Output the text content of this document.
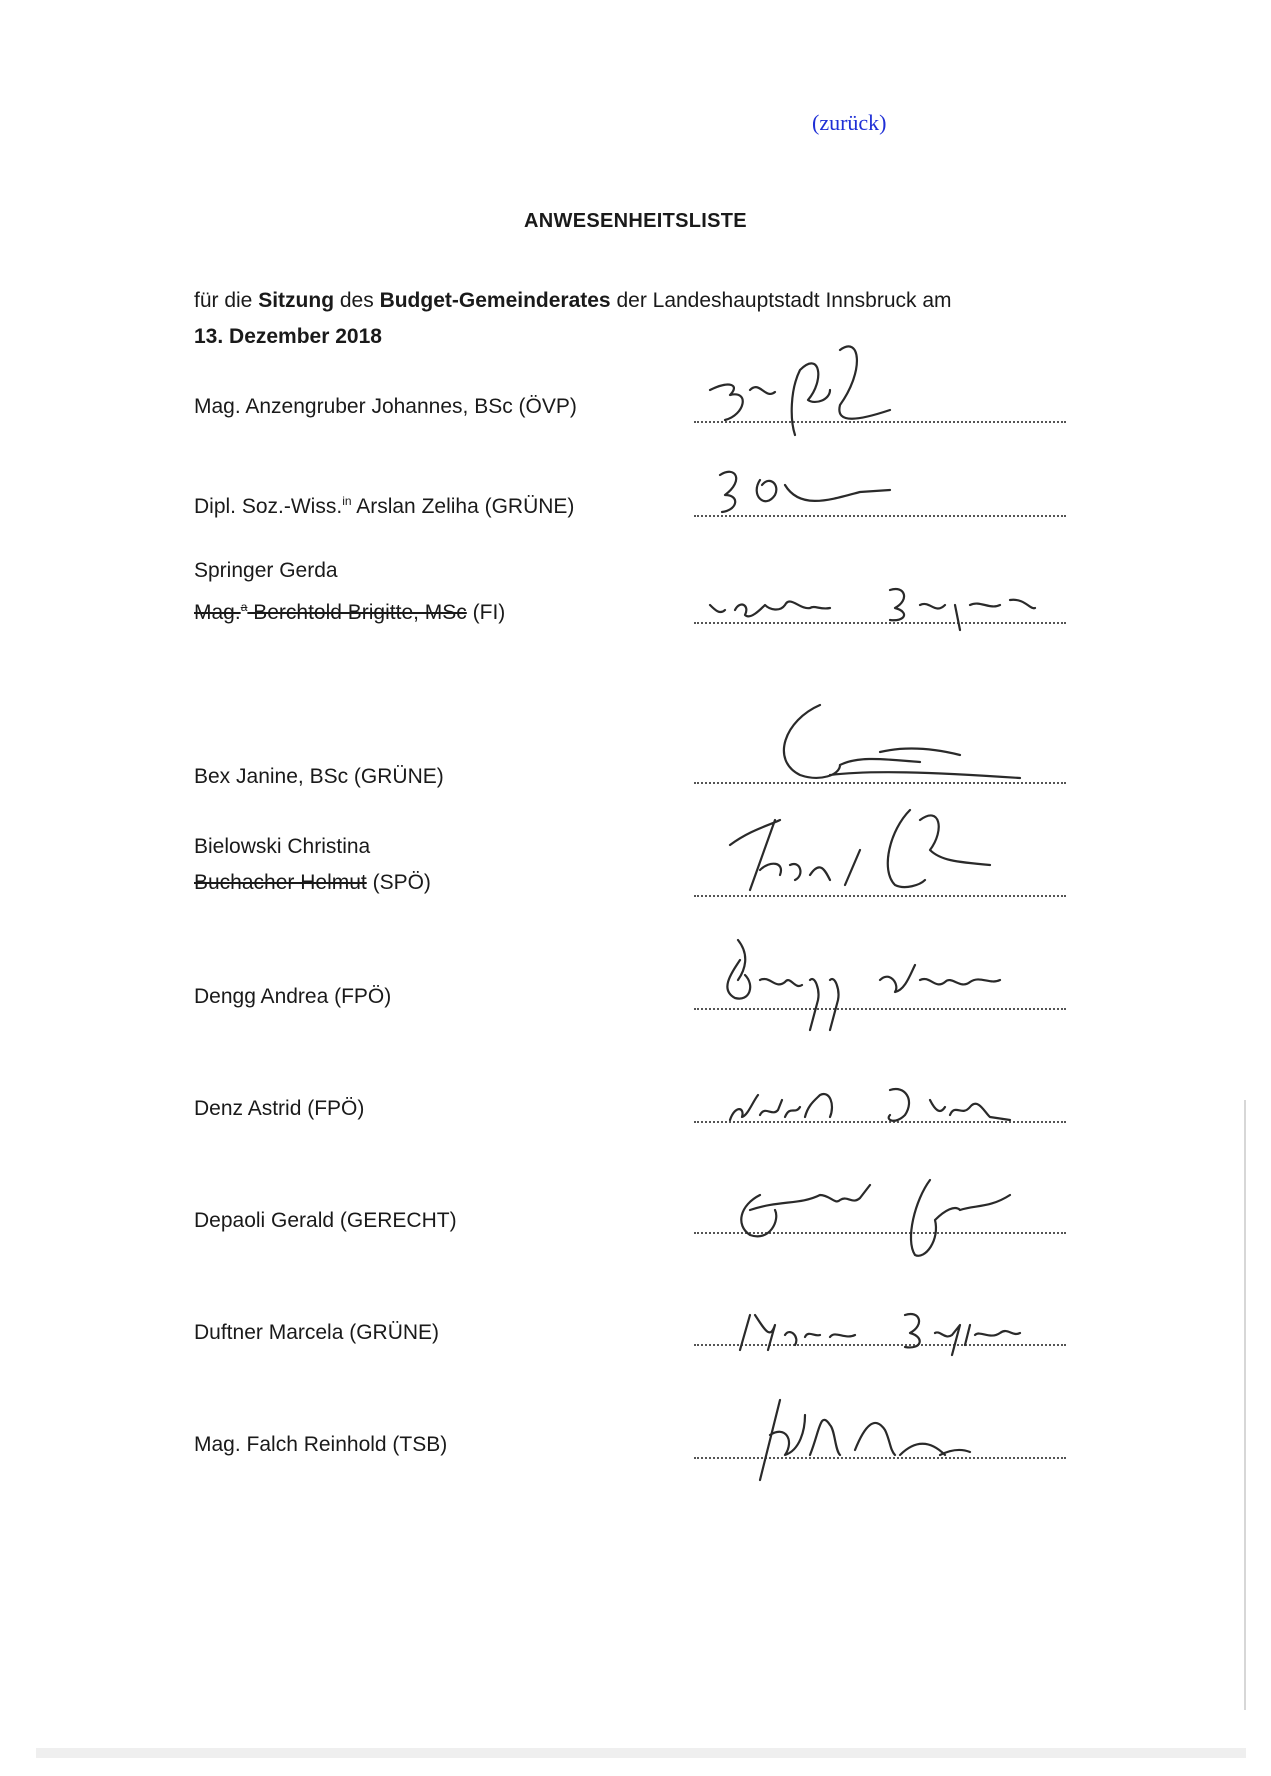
(zurück)
ANWESENHEITSLISTE
für die Sitzung des Budget-Gemeinderates der Landeshauptstadt Innsbruck am
13. Dezember 2018
Mag. Anzengruber Johannes, BSc (ÖVP)
Dipl. Soz.-Wiss.$^{in}$ Arslan Zeliha (GRÜNE)
Springer Gerda
Mag.$^a$ Berchtold Brigitte, MSc (FI)
Bex Janine, BSc (GRÜNE)
Bielowski Christina
Buchacher Helmut (SPÖ)
Dengg Andrea (FPÖ)
Denz Astrid (FPÖ)
Depaoli Gerald (GERECHT)
Duftner Marcela (GRÜNE)
Mag. Falch Reinhold (TSB)
